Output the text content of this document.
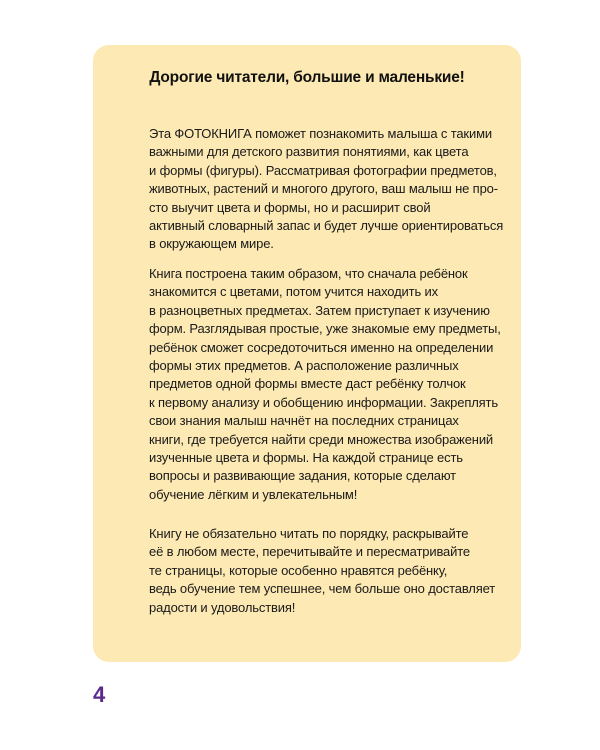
Дорогие читатели, большие и маленькие!

Эта ФОТОКНИГА поможет познакомить малыша с такими
важными для детского развития понятиями, как цвета
и формы (фигуры). Рассматривая фотографии предметов,
животных, растений и многого другого, ваш малыш не про-
сто выучит цвета и формы, но и расширит свой
активный словарный запас и будет лучше ориентироваться
в окружающем мире.

Книга построена таким образом, что сначала ребёнок
знакомится с цветами, потом учится находить их
в разноцветных предметах. Затем приступает к изучению
форм. Разглядывая простые, уже знакомые ему предметы,
ребёнок сможет сосредоточиться именно на определении
формы этих предметов. А расположение различных
предметов одной формы вместе даст ребёнку толчок
к первому анализу и обобщению информации. Закреплять
свои знания малыш начнёт на последних страницах
книги, где требуется найти среди множества изображений
изученные цвета и формы. На каждой странице есть
вопросы и развивающие задания, которые сделают
обучение лёгким и увлекательным!

Книгу не обязательно читать по порядку, раскрывайте
её в любом месте, перечитывайте и пересматривайте
те страницы, которые особенно нравятся ребёнку,
ведь обучение тем успешнее, чем больше оно доставляет
радости и удовольствия!

4
